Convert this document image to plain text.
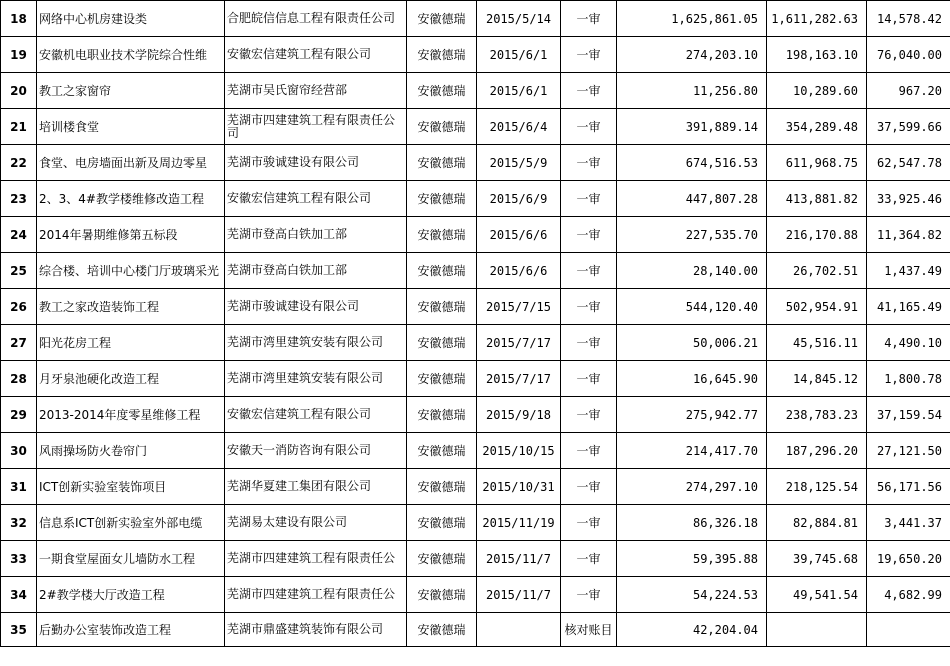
18	网络中心机房建设类	合肥皖信信息工程有限责任公司	安徽德瑞	2015/5/14	一审	1,625,861.05	1,611,282.63	14,578.42
19	安徽机电职业技术学院综合性维	安徽宏信建筑工程有限公司	安徽德瑞	2015/6/1	一审	274,203.10	198,163.10	76,040.00
20	教工之家窗帘	芜湖市吴氏窗帘经营部	安徽德瑞	2015/6/1	一审	11,256.80	10,289.60	967.20
21	培训楼食堂	芜湖市四建建筑工程有限责任公司	安徽德瑞	2015/6/4	一审	391,889.14	354,289.48	37,599.66
22	食堂、电房墙面出新及周边零星	芜湖市骏诚建设有限公司	安徽德瑞	2015/5/9	一审	674,516.53	611,968.75	62,547.78
23	2、3、4#教学楼维修改造工程	安徽宏信建筑工程有限公司	安徽德瑞	2015/6/9	一审	447,807.28	413,881.82	33,925.46
24	2014年暑期维修第五标段	芜湖市登高白铁加工部	安徽德瑞	2015/6/6	一审	227,535.70	216,170.88	11,364.82
25	综合楼、培训中心楼门厅玻璃采光	芜湖市登高白铁加工部	安徽德瑞	2015/6/6	一审	28,140.00	26,702.51	1,437.49
26	教工之家改造装饰工程	芜湖市骏诚建设有限公司	安徽德瑞	2015/7/15	一审	544,120.40	502,954.91	41,165.49
27	阳光花房工程	芜湖市湾里建筑安装有限公司	安徽德瑞	2015/7/17	一审	50,006.21	45,516.11	4,490.10
28	月牙泉池硬化改造工程	芜湖市湾里建筑安装有限公司	安徽德瑞	2015/7/17	一审	16,645.90	14,845.12	1,800.78
29	2013-2014年度零星维修工程	安徽宏信建筑工程有限公司	安徽德瑞	2015/9/18	一审	275,942.77	238,783.23	37,159.54
30	风雨操场防火卷帘门	安徽天一消防咨询有限公司	安徽德瑞	2015/10/15	一审	214,417.70	187,296.20	27,121.50
31	ICT创新实验室装饰项目	芜湖华夏建工集团有限公司	安徽德瑞	2015/10/31	一审	274,297.10	218,125.54	56,171.56
32	信息系ICT创新实验室外部电缆	芜湖易太建设有限公司	安徽德瑞	2015/11/19	一审	86,326.18	82,884.81	3,441.37
33	一期食堂屋面女儿墙防水工程	芜湖市四建建筑工程有限责任公	安徽德瑞	2015/11/7	一审	59,395.88	39,745.68	19,650.20
34	2#教学楼大厅改造工程	芜湖市四建建筑工程有限责任公	安徽德瑞	2015/11/7	一审	54,224.53	49,541.54	4,682.99
35	后勤办公室装饰改造工程	芜湖市鼎盛建筑装饰有限公司	安徽德瑞		核对账目	42,204.04		
